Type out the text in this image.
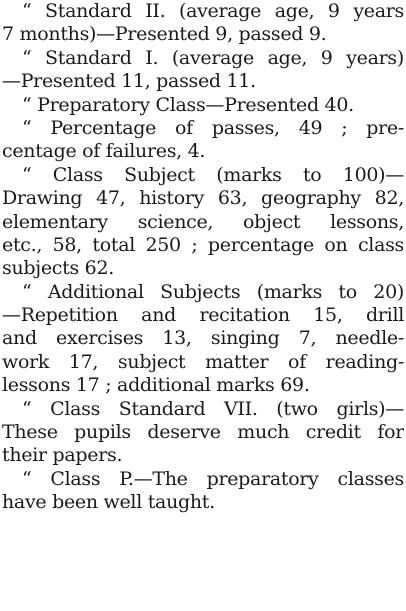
“ Standard II. (average age, 9 years
7 months)—Presented 9, passed 9.

“ Standard I. (average age, 9 years)
—Presented 11, passed 11.

“ Preparatory Class—Presented 40.

“ Percentage of passes, 49 ; pre-
centage of failures, 4.

“ Class Subject (marks to 100)—
Drawing 47, history 63, geography 82,
elementary science, object lessons,
etc., 58, total 250 ; percentage on class
subjects 62.

“ Additional Subjects (marks to 20)
—Repetition and recitation 15, drill
and exercises 13, singing 7, needle-
work 17, subject matter of reading-
lessons 17 ; additional marks 69.

“ Class Standard VII. (two girls)—
These pupils deserve much credit for
their papers.

“ Class P.—The preparatory classes
have been well taught.
